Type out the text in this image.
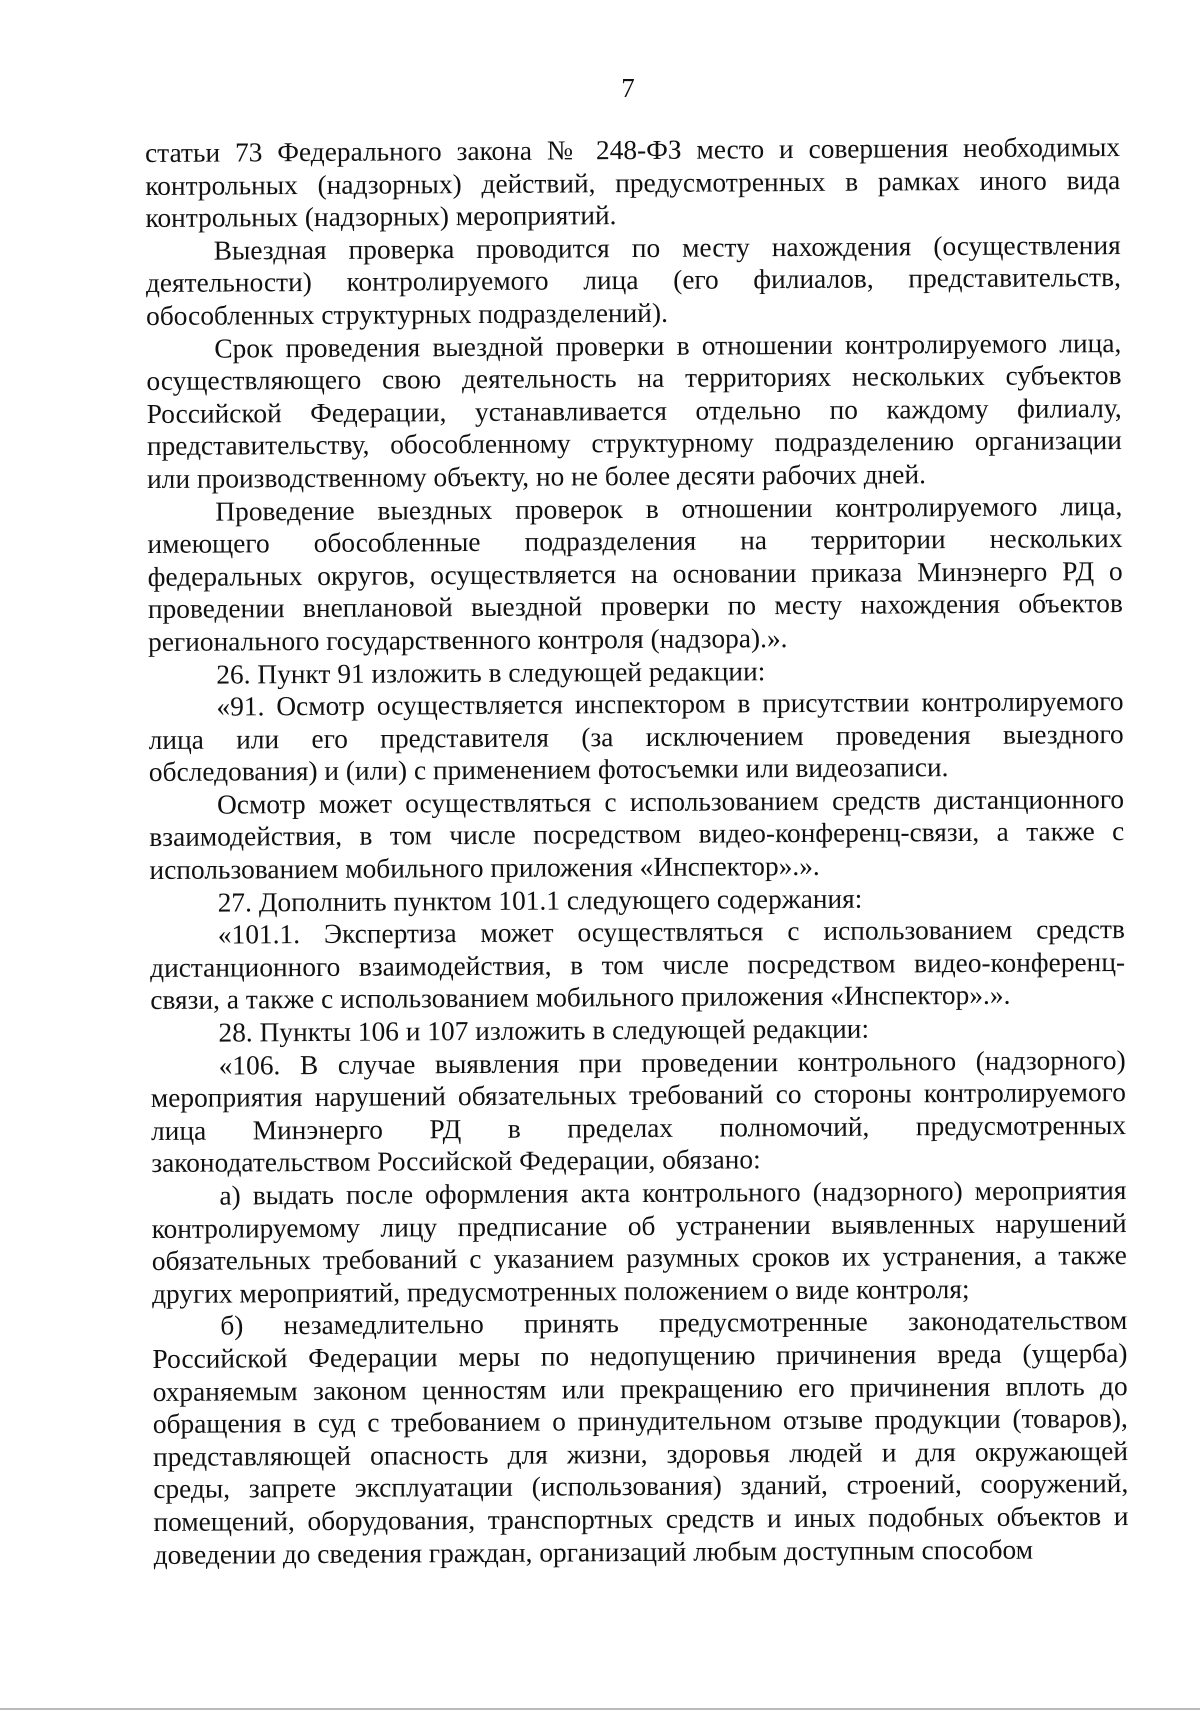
7
статьи 73 Федерального закона № 248-ФЗ место и совершения необходимых
контрольных (надзорных) действий, предусмотренных в рамках иного вида
контрольных (надзорных) мероприятий.
Выездная проверка проводится по месту нахождения (осуществления
деятельности) контролируемого лица (его филиалов, представительств,
обособленных структурных подразделений).
Срок проведения выездной проверки в отношении контролируемого лица,
осуществляющего свою деятельность на территориях нескольких субъектов
Российской Федерации, устанавливается отдельно по каждому филиалу,
представительству, обособленному структурному подразделению организации
или производственному объекту, но не более десяти рабочих дней.
Проведение выездных проверок в отношении контролируемого лица,
имеющего обособленные подразделения на территории нескольких
федеральных округов, осуществляется на основании приказа Минэнерго РД о
проведении внеплановой выездной проверки по месту нахождения объектов
регионального государственного контроля (надзора).».
26. Пункт 91 изложить в следующей редакции:
«91. Осмотр осуществляется инспектором в присутствии контролируемого
лица или его представителя (за исключением проведения выездного
обследования) и (или) с применением фотосъемки или видеозаписи.
Осмотр может осуществляться с использованием средств дистанционного
взаимодействия, в том числе посредством видео-конференц-связи, а также с
использованием мобильного приложения «Инспектор».».
27. Дополнить пунктом 101.1 следующего содержания:
«101.1. Экспертиза может осуществляться с использованием средств
дистанционного взаимодействия, в том числе посредством видео-конференц-
связи, а также с использованием мобильного приложения «Инспектор».».
28. Пункты 106 и 107 изложить в следующей редакции:
«106. В случае выявления при проведении контрольного (надзорного)
мероприятия нарушений обязательных требований со стороны контролируемого
лица Минэнерго РД в пределах полномочий, предусмотренных
законодательством Российской Федерации, обязано:
а) выдать после оформления акта контрольного (надзорного) мероприятия
контролируемому лицу предписание об устранении выявленных нарушений
обязательных требований с указанием разумных сроков их устранения, а также
других мероприятий, предусмотренных положением о виде контроля;
б) незамедлительно принять предусмотренные законодательством
Российской Федерации меры по недопущению причинения вреда (ущерба)
охраняемым законом ценностям или прекращению его причинения вплоть до
обращения в суд с требованием о принудительном отзыве продукции (товаров),
представляющей опасность для жизни, здоровья людей и для окружающей
среды, запрете эксплуатации (использования) зданий, строений, сооружений,
помещений, оборудования, транспортных средств и иных подобных объектов и
доведении до сведения граждан, организаций любым доступным способом
